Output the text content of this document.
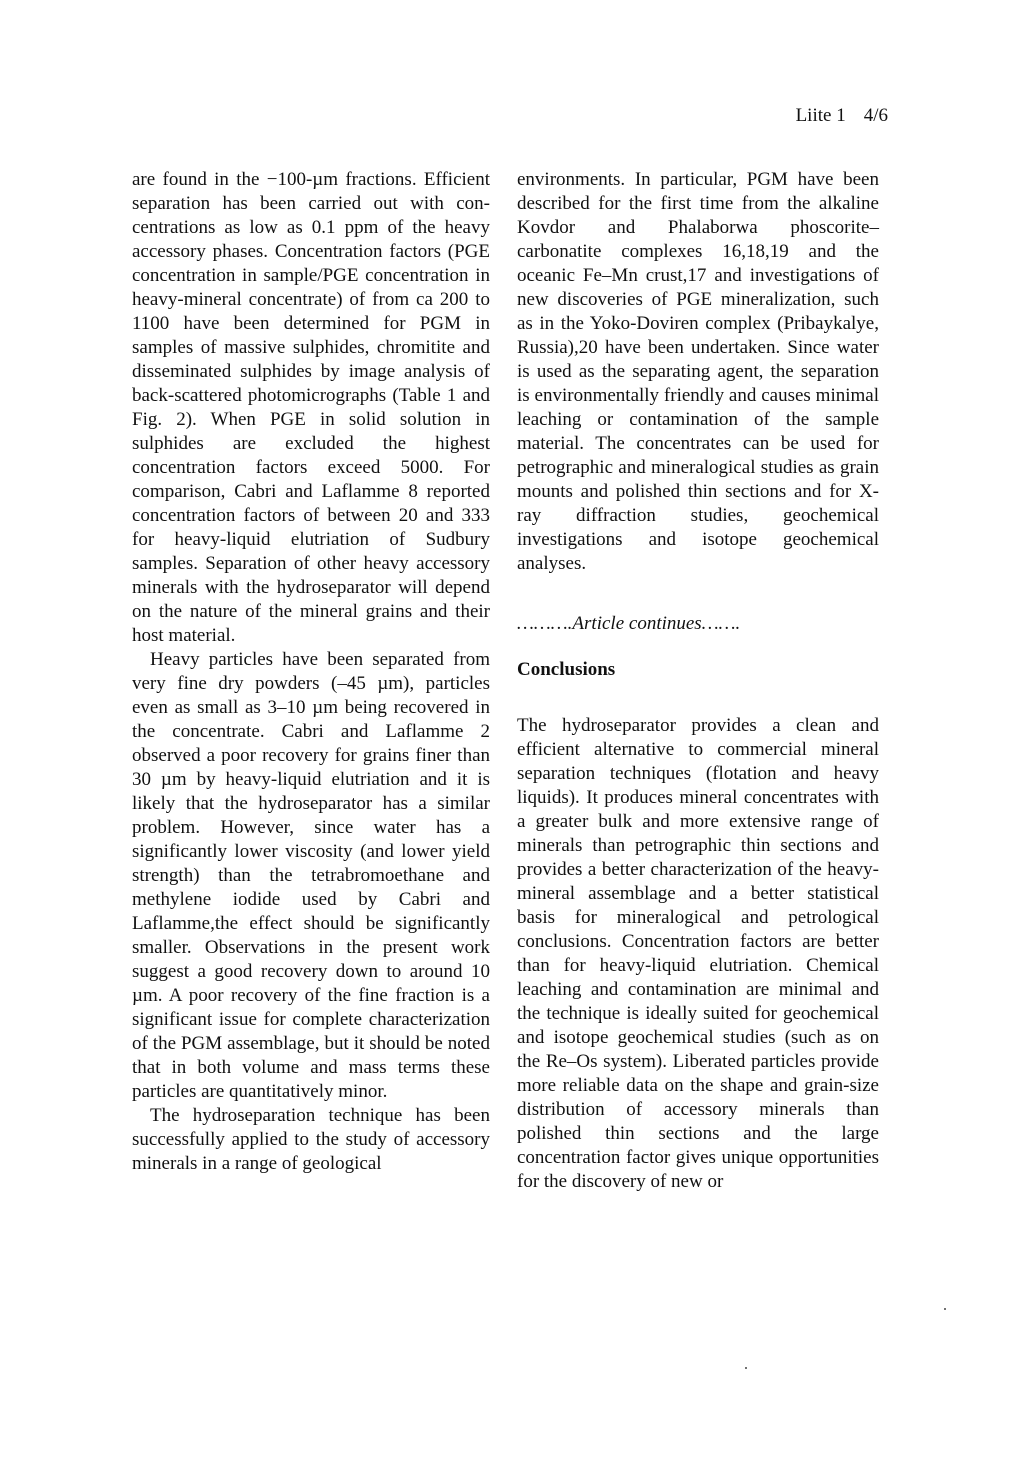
Liite 1 4/6

are found in the −100-µm fractions. Efficient separation has been carried out with con-centrations as low as 0.1 ppm of the heavy accessory phases. Concentration factors (PGE concentration in sample/PGE concentration in heavy-mineral concentrate) of from ca 200 to 1100 have been determined for PGM in samples of massive sulphides, chromitite and disseminated sulphides by image analysis of back-scattered photomicrographs (Table 1 and Fig. 2). When PGE in solid solution in sulphides are excluded the highest concentration factors exceed 5000. For comparison, Cabri and Laflamme 8 reported concentration factors of between 20 and 333 for heavy-liquid elutriation of Sudbury samples. Separation of other heavy accessory minerals with the hydroseparator will depend on the nature of the mineral grains and their host material.

Heavy particles have been separated from very fine dry powders (–45 µm), particles even as small as 3–10 µm being recovered in the concentrate. Cabri and Laflamme 2 observed a poor recovery for grains finer than 30 µm by heavy-liquid elutriation and it is likely that the hydroseparator has a similar problem. However, since water has a significantly lower viscosity (and lower yield strength) than the tetrabromoethane and methylene iodide used by Cabri and Laflamme,the effect should be significantly smaller. Observations in the present work suggest a good recovery down to around 10 µm. A poor recovery of the fine fraction is a significant issue for complete characterization of the PGM assemblage, but it should be noted that in both volume and mass terms these particles are quantitatively minor.

The hydroseparation technique has been successfully applied to the study of accessory minerals in a range of geological

environments. In particular, PGM have been described for the first time from the alkaline Kovdor and Phalaborwa phoscorite–carbonatite complexes 16,18,19 and the oceanic Fe–Mn crust,17 and investigations of new discoveries of PGE mineralization, such as in the Yoko-Doviren complex (Pribaykalye, Russia),20 have been undertaken. Since water is used as the separating agent, the separation is environmentally friendly and causes minimal leaching or contamination of the sample material. The concentrates can be used for petrographic and mineralogical studies as grain mounts and polished thin sections and for X-ray diffraction studies, geochemical investigations and isotope geochemical analyses.

……….Article continues…….

Conclusions

The hydroseparator provides a clean and efficient alternative to commercial mineral separation techniques (flotation and heavy liquids). It produces mineral concentrates with a greater bulk and more extensive range of minerals than petrographic thin sections and provides a better characterization of the heavy-mineral assemblage and a better statistical basis for mineralogical and petrological conclusions. Concentration factors are better than for heavy-liquid elutriation. Chemical leaching and contamination are minimal and the technique is ideally suited for geochemical and isotope geochemical studies (such as on the Re–Os system). Liberated particles provide more reliable data on the shape and grain-size distribution of accessory minerals than polished thin sections and the large concentration factor gives unique opportunities for the discovery of new or
